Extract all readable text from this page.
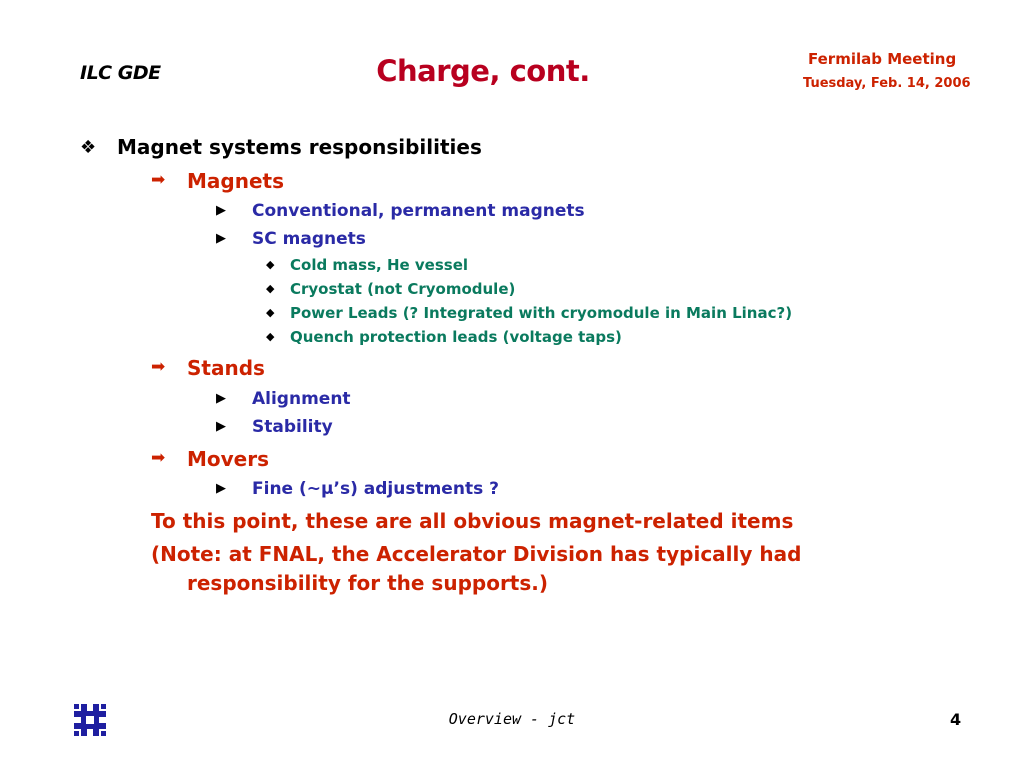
ILC GDE	Charge, cont.	Fermilab Meeting
Tuesday, Feb. 14, 2006
❖ Magnet systems responsibilities
➡ Magnets
▶ Conventional, permanent magnets
▶ SC magnets
◆ Cold mass, He vessel
◆ Cryostat (not Cryomodule)
◆ Power Leads (? Integrated with cryomodule in Main Linac?)
◆ Quench protection leads (voltage taps)
➡ Stands
▶ Alignment
▶ Stability
➡ Movers
▶ Fine (~μ’s) adjustments ?
To this point, these are all obvious magnet-related items
(Note: at FNAL, the Accelerator Division has typically had
responsibility for the supports.)
Overview - jct	4
